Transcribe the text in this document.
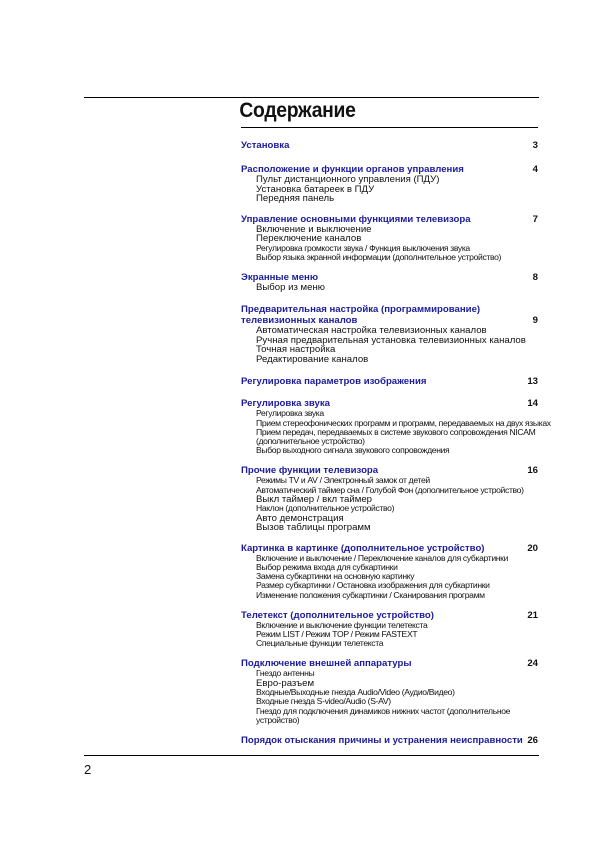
Содержание
3
Установка
4
Расположение и функции органов управления
Пульт дистанционного управления (ПДУ)
Установка батареек в ПДУ
Передняя панель
7
Управление основными функциями телевизора
Включение и выключение
Переключение каналов
Регулировка громкости звука / Функция выключения звука
Выбор языка экранной информации (дополнительное устройство)
8
Экранные меню
Выбор из меню
9
Предварительная настройка (программирование)
телевизионных каналов
Автоматическая настройка телевизионных каналов
Ручная предварительная установка телевизионных каналов
Точная настройка
Редактирование каналов
13
Регулировка параметров изображения
14
Регулировка звука
Регулировка звука
Прием стереофонических программ и программ, передаваемых на двух языках
Прием передач, передаваемых в системе звукового сопровождения NICAM (дополнительное устройство)
Выбор выходного сигнала звукового сопровождения
16
Прочие функции телевизора
Режимы TV и AV / Электронный замок от детей
Автоматический таймер сна / Голубой Фон (дополнительное устройство)
Выкл таймер / вкл таймер
Наклон (дополнительное устройство)
Авто демонстрация
Вызов таблицы программ
20
Картинка в картинке (дополнительное устройство)
Включение и выключение / Переключение каналов для субкартинки
Выбор режима входа для субкартинки
Замена субкартинки на основную картинку
Размер субкартинки / Остановка изображения для субкартинки
Изменение положения субкартинки / Сканирования программ
21
Телетекст (дополнительное устройство)
Включение и выключение функции телетекста
Режим LIST / Режим TOP / Режим FASTEXT
Специальные функции телетекста
24
Подключение внешней аппаратуры
Гнездо антенны
Евро-разъем
Входные/Выходные гнезда Audio/Video (Аудио/Видео)
Входные гнезда S-video/Audio (S-AV)
Гнездо для подключения динамиков нижних частот (дополнительное устройство)
26
Порядок отыскания причины и устранения неисправности
2
